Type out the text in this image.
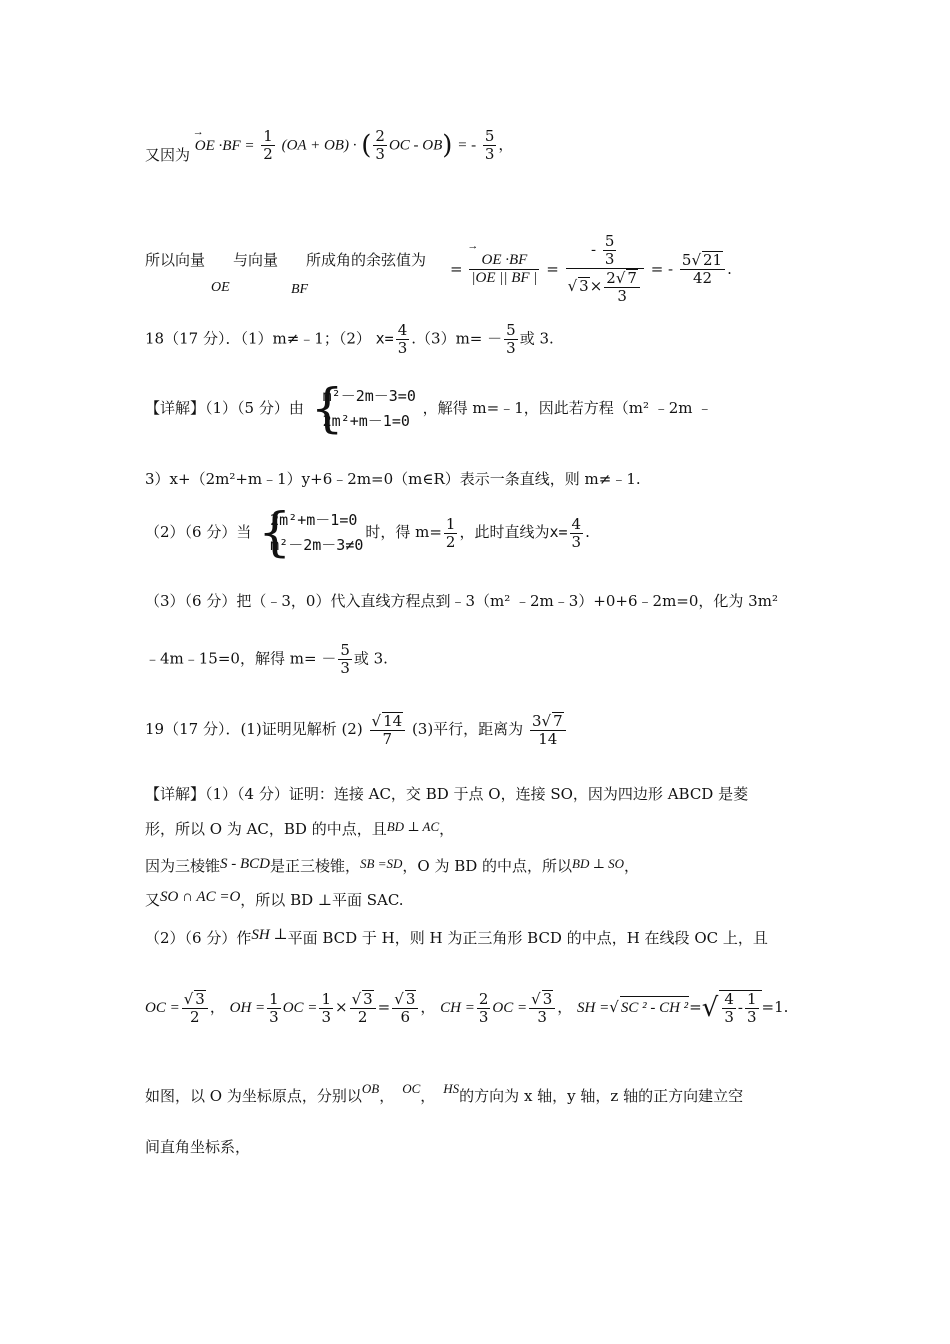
又因为 → OE $\cdot BF = \frac{1}{2} (OA + OB)$ · ( $\frac{2}{3}$ OC - OB) = - $\frac{5}{3}$ ，
所以向量 与向量 所成角的余弦值为
OE	BF
= → $\frac{OE \cdot BF}{|OE || BF |} = \frac{- \frac{5}{3}}{√ 3\times \frac{2√ 7}{3}}$ = - $\frac{5√ 21}{42}$ .
18（17 分）．（1）m≠﹣1；（2） $x= \frac{4}{3} .(3)m= - \frac{5}{3}$ 或 3.
【详解】（1）（5 分）由 {
m²－2m－3=0
2m²+m－1=0
，解得 m=﹣1，因此若方程（m² ﹣2m ﹣
3）x+（2m²+m﹣1）y+6﹣2m=0（m∈R）表示一条直线，则 m≠﹣1.
（2）（6 分）当 {
2m²+m－1=0
m²－2m－3≠0
时，得 $m= \frac{1}{2}$ ，此时直线为$x= \frac{4}{3}$ .
（3）（6 分）把（﹣3，0）代入直线方程点到﹣3（m² ﹣2m﹣3）+0+6﹣2m=0，化为 3m²
﹣4m﹣15=0，解得 $m= - \frac{5}{3}$ 或 3.
19（17 分）．(1)证明见解析 $(2) \frac{√ 14}{7} (3)$平行，距离为 $\frac{3√ 7}{14}$
【详解】（1）（4 分）证明：连接 AC，交 BD 于点 O，连接 SO，因为四边形 ABCD 是菱
形，所以 O 为 AC，BD 的中点，且BD ⊥ AC，
因为三棱锥S - BCD是正三棱锥，SB =SD，O 为 BD 的中点，所以BD ⊥ SO，
又SO ∩ AC =O，所以 BD ⊥平面 SAC.
（2）（6 分）作SH ⊥平面 BCD 于 H，则 H 为正三角形 BCD 的中点，H 在线段 OC 上，且
OC = $\frac{√ 3}{2}$ ， OH = $\frac{1}{3}$ OC = $\frac{1}{3} \times \frac{√ 3}{2} = \frac{√ 3}{6}$ ， CH = $\frac{2}{3}$ OC = $\frac{√ 3}{3}$ ， SH =√ SC ² - CH $^2=√ \frac{4}{3} - \frac{1}{3} =1$.
如图，以 O 为坐标原点，分别以OB， OC， HS的方向为 x 轴，y 轴，z 轴的正方向建立空
间直角坐标系，
